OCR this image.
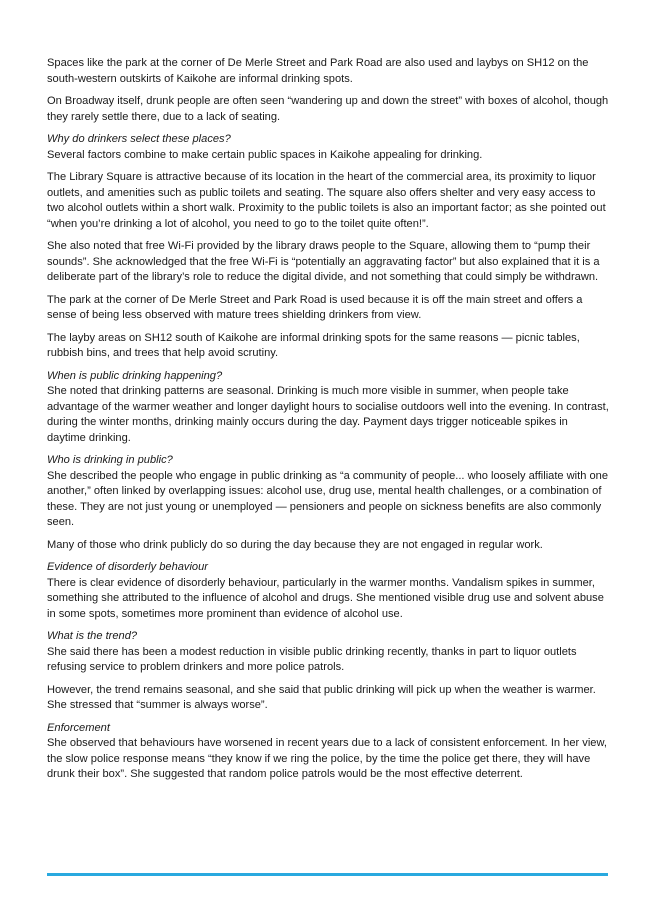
Spaces like the park at the corner of De Merle Street and Park Road are also used and laybys on SH12 on the south-western outskirts of Kaikohe are informal drinking spots.

On Broadway itself, drunk people are often seen “wandering up and down the street” with boxes of alcohol, though they rarely settle there, due to a lack of seating.

Why do drinkers select these places?

Several factors combine to make certain public spaces in Kaikohe appealing for drinking.

The Library Square is attractive because of its location in the heart of the commercial area, its proximity to liquor outlets, and amenities such as public toilets and seating. The square also offers shelter and very easy access to two alcohol outlets within a short walk. Proximity to the public toilets is also an important factor; as she pointed out “when you’re drinking a lot of alcohol, you need to go to the toilet quite often!”.

She also noted that free Wi-Fi provided by the library draws people to the Square, allowing them to “pump their sounds”. She acknowledged that the free Wi-Fi is “potentially an aggravating factor” but also explained that it is a deliberate part of the library’s role to reduce the digital divide, and not something that could simply be withdrawn.

The park at the corner of De Merle Street and Park Road is used because it is off the main street and offers a sense of being less observed with mature trees shielding drinkers from view.

The layby areas on SH12 south of Kaikohe are informal drinking spots for the same reasons — picnic tables, rubbish bins, and trees that help avoid scrutiny.

When is public drinking happening?

She noted that drinking patterns are seasonal. Drinking is much more visible in summer, when people take advantage of the warmer weather and longer daylight hours to socialise outdoors well into the evening. In contrast, during the winter months, drinking mainly occurs during the day. Payment days trigger noticeable spikes in daytime drinking.

Who is drinking in public?

She described the people who engage in public drinking as “a community of people... who loosely affiliate with one another,” often linked by overlapping issues: alcohol use, drug use, mental health challenges, or a combination of these. They are not just young or unemployed — pensioners and people on sickness benefits are also commonly seen.

Many of those who drink publicly do so during the day because they are not engaged in regular work.

Evidence of disorderly behaviour

There is clear evidence of disorderly behaviour, particularly in the warmer months. Vandalism spikes in summer, something she attributed to the influence of alcohol and drugs. She mentioned visible drug use and solvent abuse in some spots, sometimes more prominent than evidence of alcohol use.

What is the trend?

She said there has been a modest reduction in visible public drinking recently, thanks in part to liquor outlets refusing service to problem drinkers and more police patrols.

However, the trend remains seasonal, and she said that public drinking will pick up when the weather is warmer. She stressed that “summer is always worse”.

Enforcement

She observed that behaviours have worsened in recent years due to a lack of consistent enforcement. In her view, the slow police response means “they know if we ring the police, by the time the police get there, they will have drunk their box”. She suggested that random police patrols would be the most effective deterrent.
